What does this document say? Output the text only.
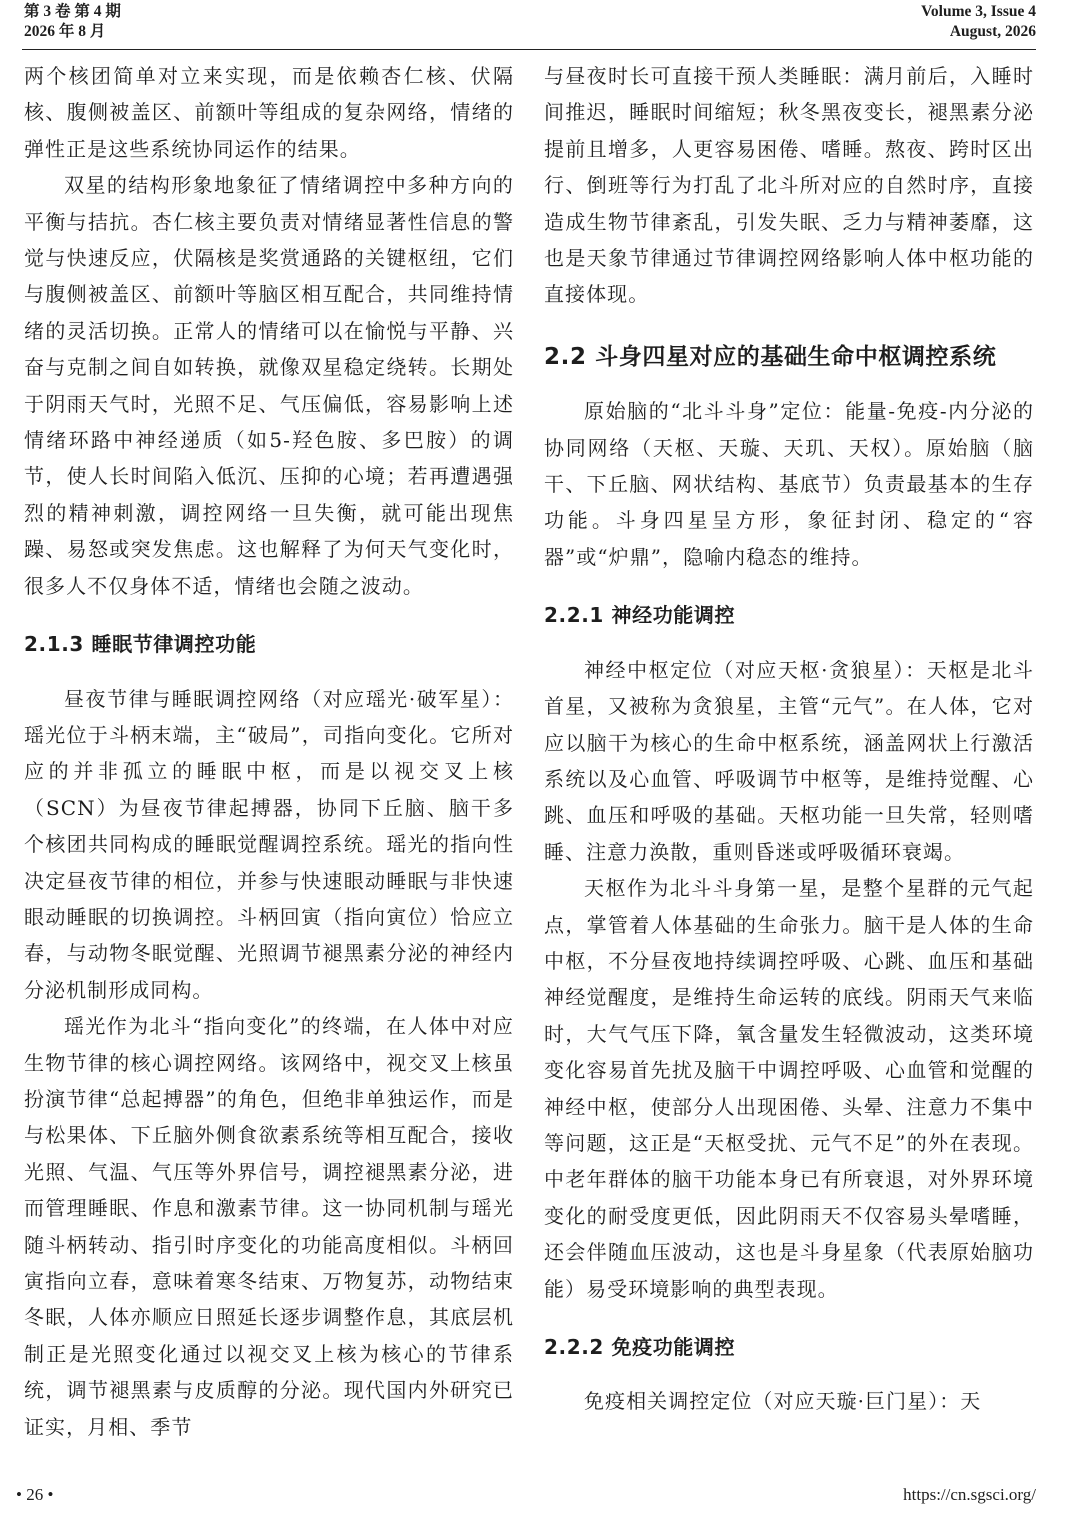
第 3 卷 第 4 期
2026 年 8 月
Volume 3, Issue 4
August, 2026

两个核团简单对立来实现，而是依赖杏仁核、伏隔核、腹侧被盖区、前额叶等组成的复杂网络，情绪的弹性正是这些系统协同运作的结果。

双星的结构形象地象征了情绪调控中多种方向的平衡与拮抗。杏仁核主要负责对情绪显著性信息的警觉与快速反应，伏隔核是奖赏通路的关键枢纽，它们与腹侧被盖区、前额叶等脑区相互配合，共同维持情绪的灵活切换。正常人的情绪可以在愉悦与平静、兴奋与克制之间自如转换，就像双星稳定绕转。长期处于阴雨天气时，光照不足、气压偏低，容易影响上述情绪环路中神经递质（如5-羟色胺、多巴胺）的调节，使人长时间陷入低沉、压抑的心境；若再遭遇强烈的精神刺激，调控网络一旦失衡，就可能出现焦躁、易怒或突发焦虑。这也解释了为何天气变化时，很多人不仅身体不适，情绪也会随之波动。

2.1.3 睡眠节律调控功能

昼夜节律与睡眠调控网络（对应瑶光·破军星）：瑶光位于斗柄末端，主“破局”，司指向变化。它所对应的并非孤立的睡眠中枢，而是以视交叉上核（SCN）为昼夜节律起搏器，协同下丘脑、脑干多个核团共同构成的睡眠觉醒调控系统。瑶光的指向性决定昼夜节律的相位，并参与快速眼动睡眠与非快速眼动睡眠的切换调控。斗柄回寅（指向寅位）恰应立春，与动物冬眠觉醒、光照调节褪黑素分泌的神经内分泌机制形成同构。

瑶光作为北斗“指向变化”的终端，在人体中对应生物节律的核心调控网络。该网络中，视交叉上核虽扮演节律“总起搏器”的角色，但绝非单独运作，而是与松果体、下丘脑外侧食欲素系统等相互配合，接收光照、气温、气压等外界信号，调控褪黑素分泌，进而管理睡眠、作息和激素节律。这一协同机制与瑶光随斗柄转动、指引时序变化的功能高度相似。斗柄回寅指向立春，意味着寒冬结束、万物复苏，动物结束冬眠，人体亦顺应日照延长逐步调整作息，其底层机制正是光照变化通过以视交叉上核为核心的节律系统，调节褪黑素与皮质醇的分泌。现代国内外研究已证实，月相、季节

与昼夜时长可直接干预人类睡眠：满月前后，入睡时间推迟，睡眠时间缩短；秋冬黑夜变长，褪黑素分泌提前且增多，人更容易困倦、嗜睡。熬夜、跨时区出行、倒班等行为打乱了北斗所对应的自然时序，直接造成生物节律紊乱，引发失眠、乏力与精神萎靡，这也是天象节律通过节律调控网络影响人体中枢功能的直接体现。

2.2 斗身四星对应的基础生命中枢调控系统

原始脑的“北斗斗身”定位：能量-免疫-内分泌的协同网络（天枢、天璇、天玑、天权）。原始脑（脑干、下丘脑、网状结构、基底节）负责最基本的生存功能。斗身四星呈方形，象征封闭、稳定的“容器”或“炉鼎”，隐喻内稳态的维持。

2.2.1 神经功能调控

神经中枢定位（对应天枢·贪狼星）：天枢是北斗首星，又被称为贪狼星，主管“元气”。在人体，它对应以脑干为核心的生命中枢系统，涵盖网状上行激活系统以及心血管、呼吸调节中枢等，是维持觉醒、心跳、血压和呼吸的基础。天枢功能一旦失常，轻则嗜睡、注意力涣散，重则昏迷或呼吸循环衰竭。

天枢作为北斗斗身第一星，是整个星群的元气起点，掌管着人体基础的生命张力。脑干是人体的生命中枢，不分昼夜地持续调控呼吸、心跳、血压和基础神经觉醒度，是维持生命运转的底线。阴雨天气来临时，大气气压下降，氧含量发生轻微波动，这类环境变化容易首先扰及脑干中调控呼吸、心血管和觉醒的神经中枢，使部分人出现困倦、头晕、注意力不集中等问题，这正是“天枢受扰、元气不足”的外在表现。中老年群体的脑干功能本身已有所衰退，对外界环境变化的耐受度更低，因此阴雨天不仅容易头晕嗜睡，还会伴随血压波动，这也是斗身星象（代表原始脑功能）易受环境影响的典型表现。

2.2.2 免疫功能调控

免疫相关调控定位（对应天璇·巨门星）：天

• 26 •	https://cn.sgsci.org/
